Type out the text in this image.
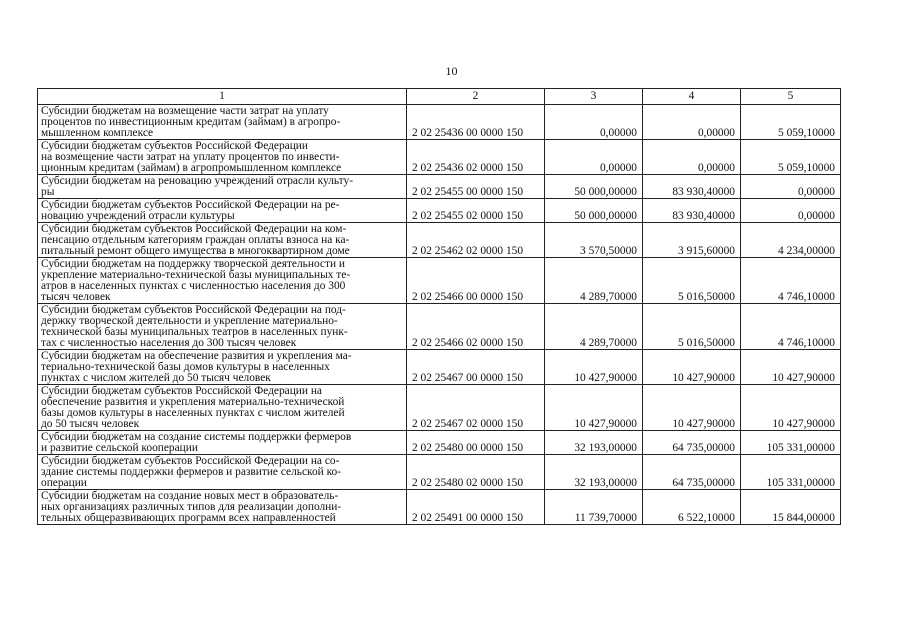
10
1	2	3	4	5

Субсидии бюджетам на возмещение части затрат на уплату
процентов по инвестиционным кредитам (займам) в агропро-
мышленном комплексе	2 02 25436 00 0000 150	0,00000	0,00000	5 059,10000

Субсидии бюджетам субъектов Российской Федерации
на возмещение части затрат на уплату процентов по инвести-
ционным кредитам (займам) в агропромышленном комплексе	2 02 25436 02 0000 150	0,00000	0,00000	5 059,10000

Субсидии бюджетам на реновацию учреждений отрасли культу-
ры	2 02 25455 00 0000 150	50 000,00000	83 930,40000	0,00000

Субсидии бюджетам субъектов Российской Федерации на ре-
новацию учреждений отрасли культуры	2 02 25455 02 0000 150	50 000,00000	83 930,40000	0,00000

Субсидии бюджетам субъектов Российской Федерации на ком-
пенсацию отдельным категориям граждан оплаты взноса на ка-
питальный ремонт общего имущества в многоквартирном доме	2 02 25462 02 0000 150	3 570,50000	3 915,60000	4 234,00000

Субсидии бюджетам на поддержку творческой деятельности и
укрепление материально-технической базы муниципальных те-
атров в населенных пунктах с численностью населения до 300
тысяч человек	2 02 25466 00 0000 150	4 289,70000	5 016,50000	4 746,10000

Субсидии бюджетам субъектов Российской Федерации на под-
держку творческой деятельности и укрепление материально-
технической базы муниципальных театров в населенных пунк-
тах с численностью населения до 300 тысяч человек	2 02 25466 02 0000 150	4 289,70000	5 016,50000	4 746,10000

Субсидии бюджетам на обеспечение развития и укрепления ма-
териально-технической базы домов культуры в населенных
пунктах с числом жителей до 50 тысяч человек	2 02 25467 00 0000 150	10 427,90000	10 427,90000	10 427,90000

Субсидии бюджетам субъектов Российской Федерации на
обеспечение развития и укрепления материально-технической
базы домов культуры в населенных пунктах с числом жителей
до 50 тысяч человек	2 02 25467 02 0000 150	10 427,90000	10 427,90000	10 427,90000

Субсидии бюджетам на создание системы поддержки фермеров
и развитие сельской кооперации	2 02 25480 00 0000 150	32 193,00000	64 735,00000	105 331,00000

Субсидии бюджетам субъектов Российской Федерации на со-
здание системы поддержки фермеров и развитие сельской ко-
операции	2 02 25480 02 0000 150	32 193,00000	64 735,00000	105 331,00000

Субсидии бюджетам на создание новых мест в образователь-
ных организациях различных типов для реализации дополни-
тельных общеразвивающих программ всех направленностей	2 02 25491 00 0000 150	11 739,70000	6 522,10000	15 844,00000
